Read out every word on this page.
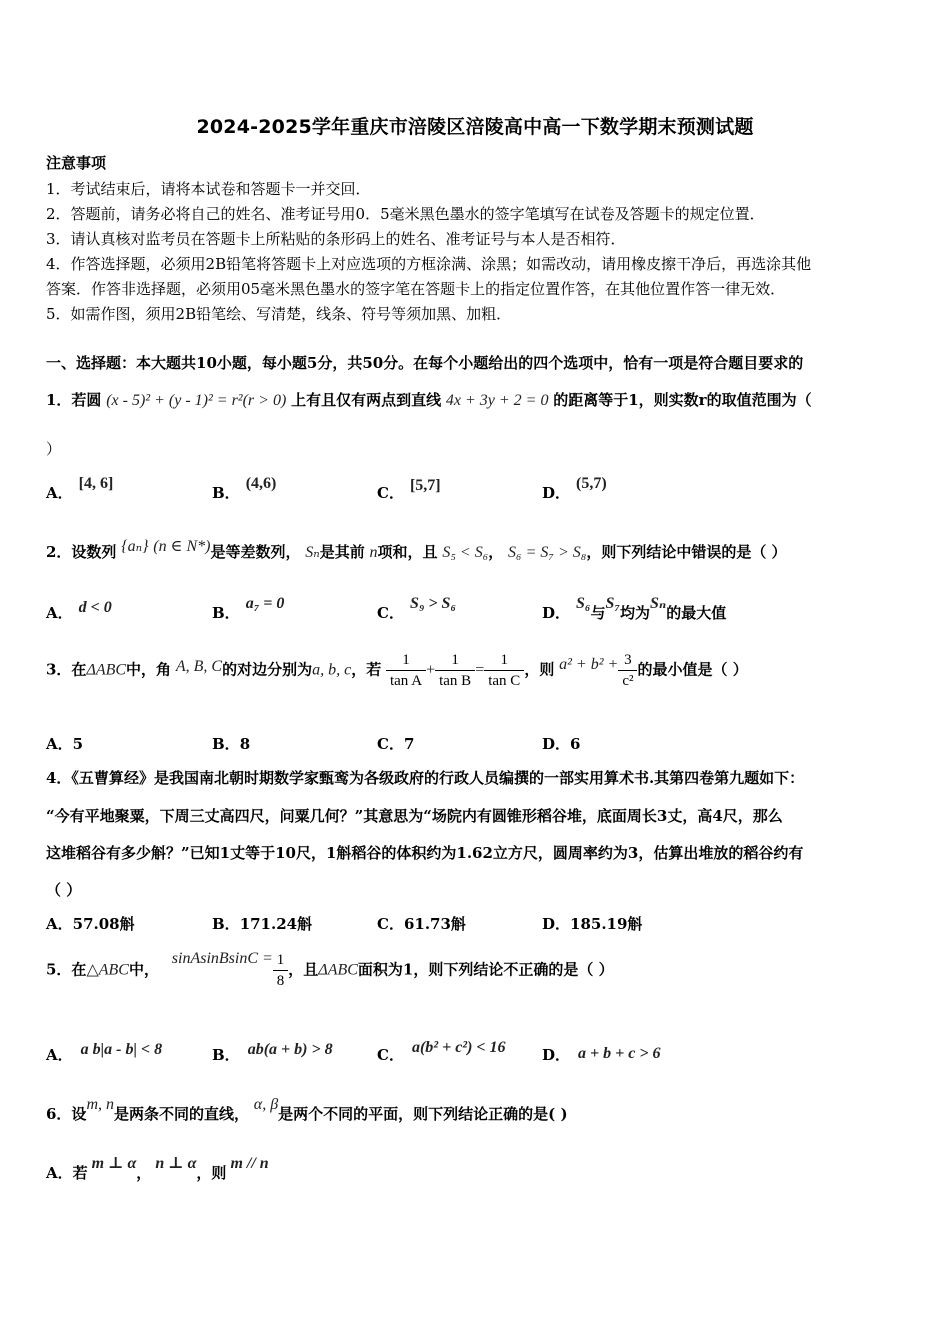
2024-2025学年重庆市涪陵区涪陵高中高一下数学期末预测试题
注意事项
1．考试结束后，请将本试卷和答题卡一并交回．
2．答题前，请务必将自己的姓名、准考证号用0．5毫米黑色墨水的签字笔填写在试卷及答题卡的规定位置．
3．请认真核对监考员在答题卡上所粘贴的条形码上的姓名、准考证号与本人是否相符．
4．作答选择题，必须用2B铅笔将答题卡上对应选项的方框涂满、涂黑；如需改动，请用橡皮擦干净后，再选涂其他
答案．作答非选择题，必须用05毫米黑色墨水的签字笔在答题卡上的指定位置作答，在其他位置作答一律无效．
5．如需作图，须用2B铅笔绘、写清楚，线条、符号等须加黑、加粗．
一、选择题：本大题共10小题，每小题5分，共50分。在每个小题给出的四个选项中，恰有一项是符合题目要求的
1．若圆 (x - 5)² + (y - 1)² = r²(r > 0) 上有且仅有两点到直线 4x + 3y + 2 = 0 的距离等于1，则实数r的取值范围为（
）
A．[4, 6]
B．(4,6)
C． [5,7]	D．(5,7)
2．设数列 {aₙ} (n ∈ N*)是等差数列， Sₙ是其前 n项和，且 S₅ < S₆， S₆ = S₇ > S₈，则下列结论中错误的是（ ）
A． d < 0	B．a₇ = 0
C．S₉ > S₆
D．S₆与S₇均为Sₙ的最大值
3．在ΔABC中，角 A, B, C的对边分别为a, b, c，若 $\frac{1}{\text{tan A}} + \frac{1}{\text{tan B}} = \frac{1}{\text{tan C}}$ ，则 $a^2 + b^2 + \frac{3}{\text{c²}}$ 的最小值是（ ）
A．5	B．8	C．7	D．6
4．《五曹算经》是我国南北朝时期数学家甄鸾为各级政府的行政人员编撰的一部实用算术书.其第四卷第九题如下：
“今有平地聚粟，下周三丈高四尺，问粟几何？”其意思为“场院内有圆锥形稻谷堆，底面周长3丈，高4尺，那么
这堆稻谷有多少斛？”已知1丈等于10尺，1斛稻谷的体积约为1.62立方尺，圆周率约为3，估算出堆放的稻谷约有
（ ）
A．57.08斛	B．171.24斛	C．61.73斛	D．185.19斛
5．在△ABC中， sinAsinBsinC = $\frac{1}{8}$ ，且ΔABC面积为1，则下列结论不正确的是（ ）
A． a b|a - b| < 8	B． ab(a + b) > 8	C． a(b² + c²) < 16 D． a + b + c > 6
6．设m, n是两条不同的直线， α, β是两个不同的平面，则下列结论正确的是( )
A．若m ⊥ α，n ⊥ α，则m // n
